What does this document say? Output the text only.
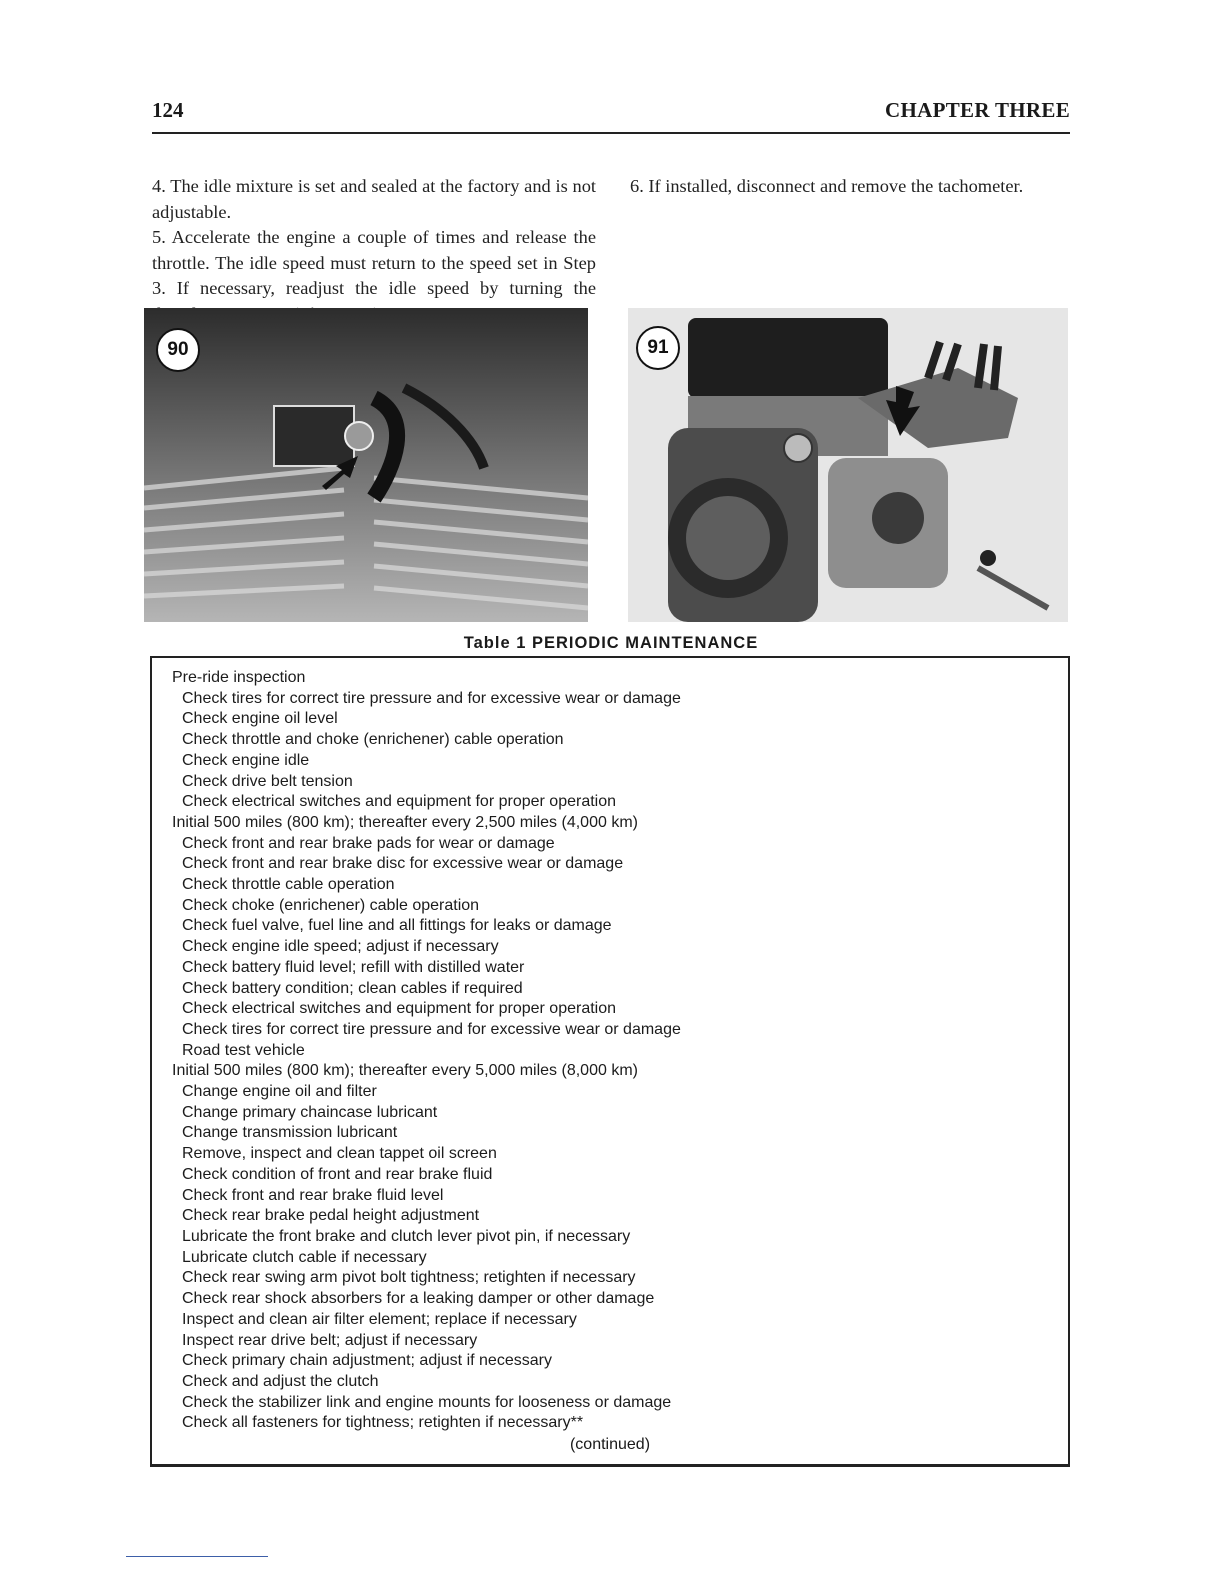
124	CHAPTER THREE

4. The idle mixture is set and sealed at the factory and is not adjustable.

5. Accelerate the engine a couple of times and release the throttle. The idle speed must return to the speed set in Step 3. If necessary, readjust the idle speed by turning the

6. If installed, disconnect and remove the tachometer.

90	91
Table 1 PERIODIC MAINTENANCE
Pre-ride inspection
Check tires for correct tire pressure and for excessive wear or damage
Check engine oil level
Check throttle and choke (enrichener) cable operation
Check engine idle
Check drive belt tension
Check electrical switches and equipment for proper operation
Initial 500 miles (800 km); thereafter every 2,500 miles (4,000 km)
Check front and rear brake pads for wear or damage
Check front and rear brake disc for excessive wear or damage
Check throttle cable operation
Check choke (enrichener) cable operation
Check fuel valve, fuel line and all fittings for leaks or damage
Check engine idle speed; adjust if necessary
Check battery fluid level; refill with distilled water
Check battery condition; clean cables if required
Check electrical switches and equipment for proper operation
Check tires for correct tire pressure and for excessive wear or damage
Road test vehicle
Initial 500 miles (800 km); thereafter every 5,000 miles (8,000 km)
Change engine oil and filter
Change primary chaincase lubricant
Change transmission lubricant
Remove, inspect and clean tappet oil screen
Check condition of front and rear brake fluid
Check front and rear brake fluid level
Check rear brake pedal height adjustment
Lubricate the front brake and clutch lever pivot pin, if necessary
Lubricate clutch cable if necessary
Check rear swing arm pivot bolt tightness; retighten if necessary
Check rear shock absorbers for a leaking damper or other damage
Inspect and clean air filter element; replace if necessary
Inspect rear drive belt; adjust if necessary
Check primary chain adjustment; adjust if necessary
Check and adjust the clutch
Check the stabilizer link and engine mounts for looseness or damage
Check all fasteners for tightness; retighten if necessary**
(continued)
